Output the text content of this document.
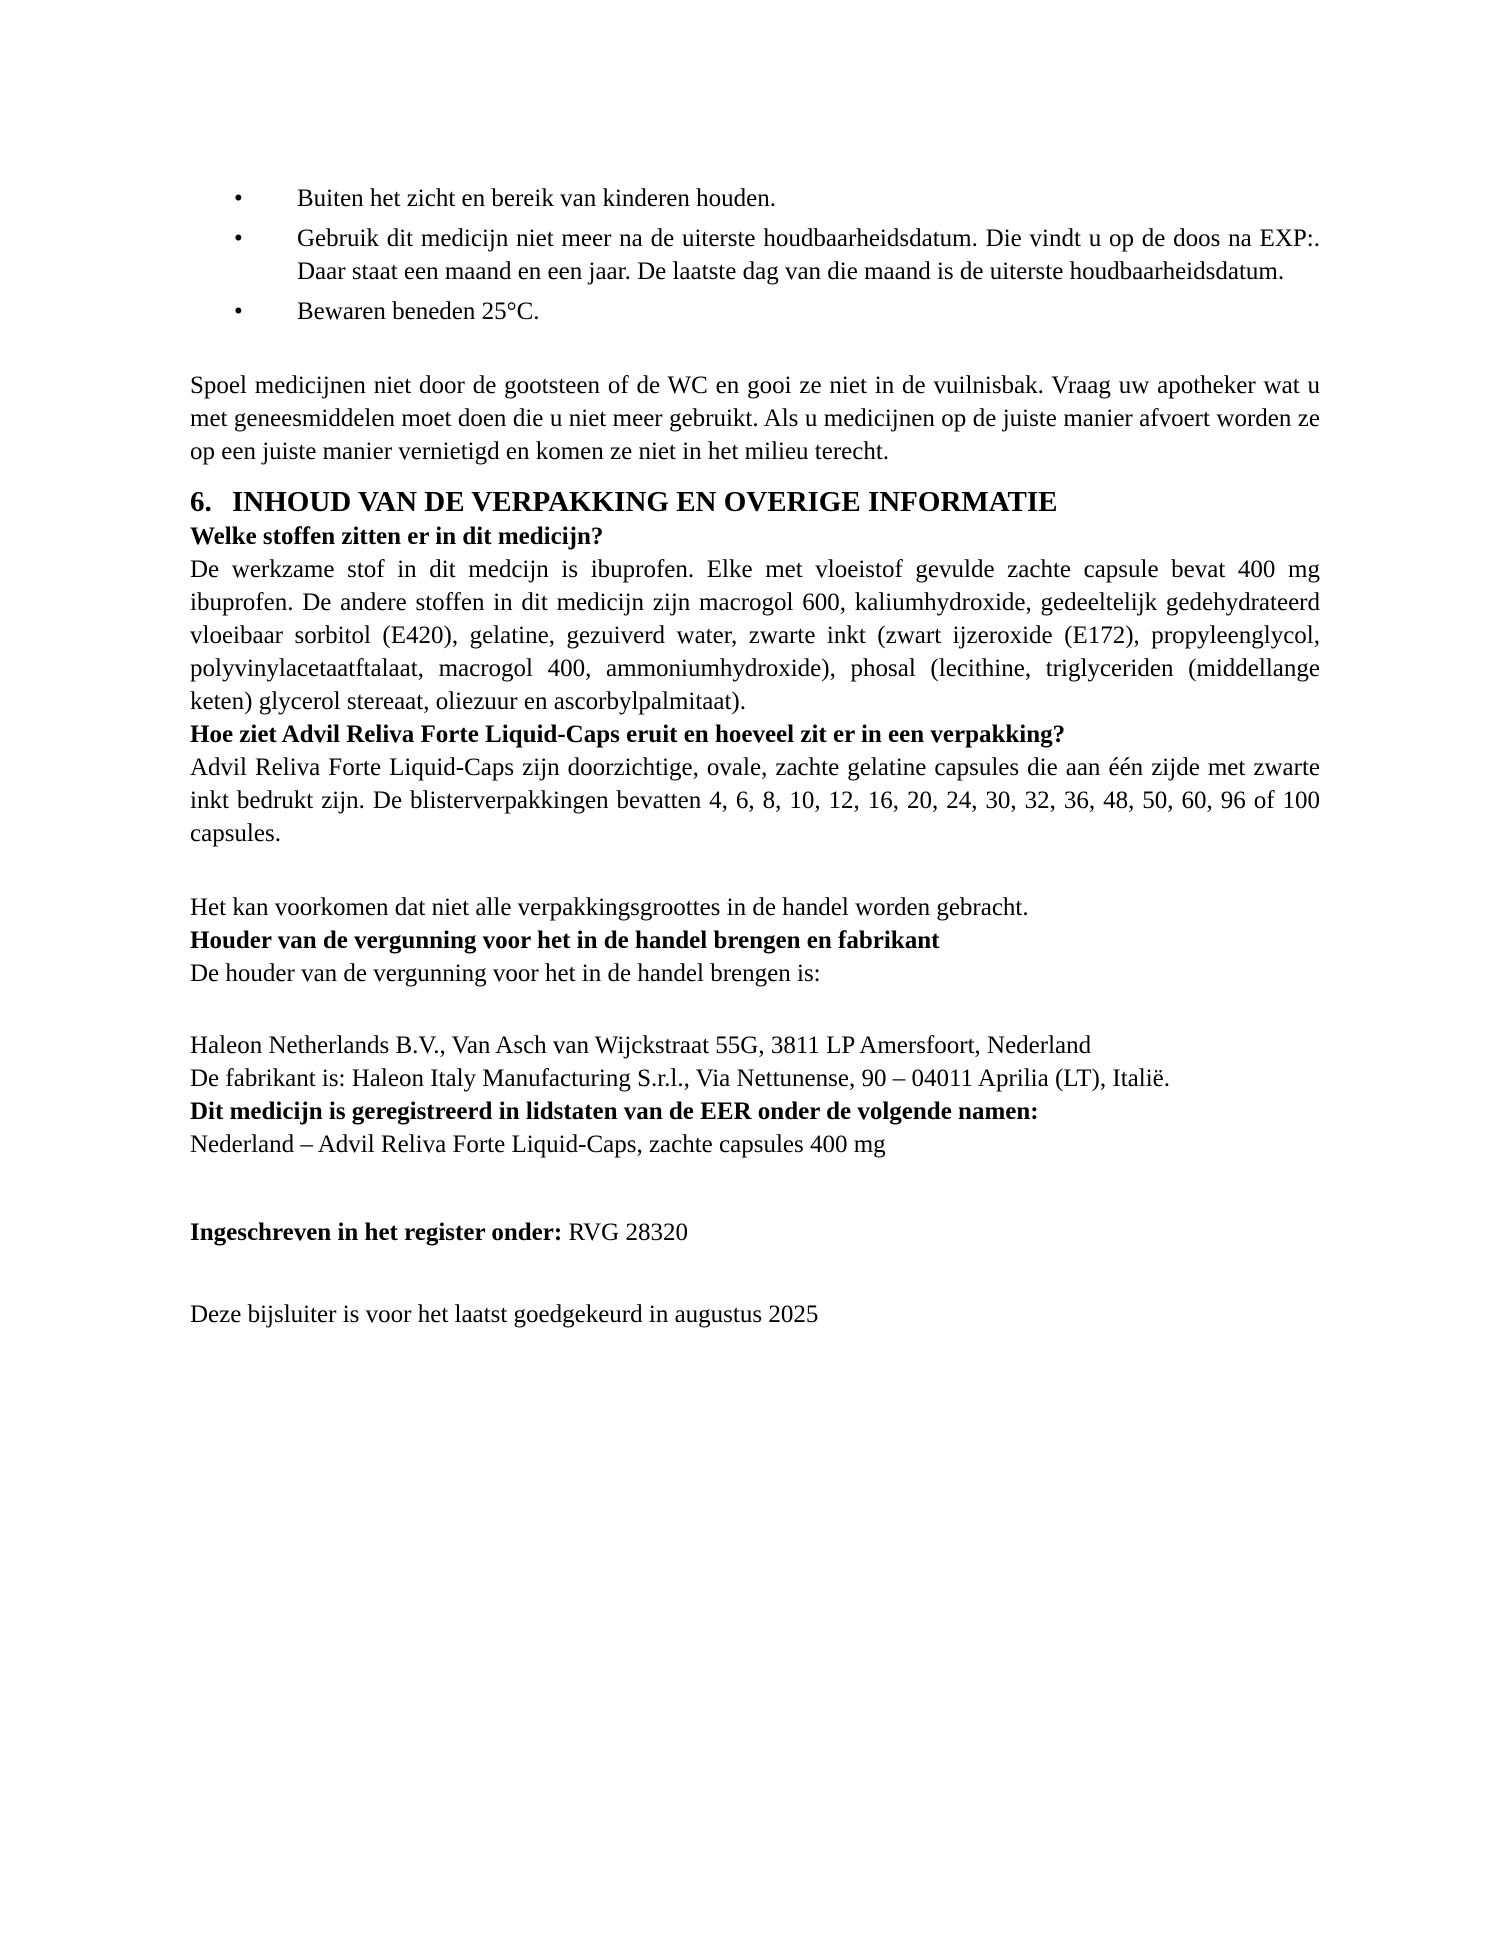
• Buiten het zicht en bereik van kinderen houden.
• Gebruik dit medicijn niet meer na de uiterste houdbaarheidsdatum. Die vindt u op de doos na EXP:. Daar staat een maand en een jaar. De laatste dag van die maand is de uiterste houdbaarheidsdatum.
• Bewaren beneden 25°C.

Spoel medicijnen niet door de gootsteen of de WC en gooi ze niet in de vuilnisbak. Vraag uw apotheker wat u met geneesmiddelen moet doen die u niet meer gebruikt. Als u medicijnen op de juiste manier afvoert worden ze op een juiste manier vernietigd en komen ze niet in het milieu terecht.

6. INHOUD VAN DE VERPAKKING EN OVERIGE INFORMATIE
Welke stoffen zitten er in dit medicijn?

De werkzame stof in dit medcijn is ibuprofen. Elke met vloeistof gevulde zachte capsule bevat 400 mg ibuprofen. De andere stoffen in dit medicijn zijn macrogol 600, kaliumhydroxide, gedeeltelijk gedehydrateerd vloeibaar sorbitol (E420), gelatine, gezuiverd water, zwarte inkt (zwart ijzeroxide (E172), propyleenglycol, polyvinylacetaatftalaat, macrogol 400, ammoniumhydroxide), phosal (lecithine, triglyceriden (middellange keten) glycerol stereaat, oliezuur en ascorbylpalmitaat).

Hoe ziet Advil Reliva Forte Liquid-Caps eruit en hoeveel zit er in een verpakking?

Advil Reliva Forte Liquid-Caps zijn doorzichtige, ovale, zachte gelatine capsules die aan één zijde met zwarte inkt bedrukt zijn. De blisterverpakkingen bevatten 4, 6, 8, 10, 12, 16, 20, 24, 30, 32, 36, 48, 50, 60, 96 of 100 capsules.

Het kan voorkomen dat niet alle verpakkingsgroottes in de handel worden gebracht.

Houder van de vergunning voor het in de handel brengen en fabrikant

De houder van de vergunning voor het in de handel brengen is:

Haleon Netherlands B.V., Van Asch van Wijckstraat 55G, 3811 LP Amersfoort, Nederland

De fabrikant is: Haleon Italy Manufacturing S.r.l., Via Nettunense, 90 – 04011 Aprilia (LT), Italië.

Dit medicijn is geregistreerd in lidstaten van de EER onder de volgende namen:

Nederland – Advil Reliva Forte Liquid-Caps, zachte capsules 400 mg

Ingeschreven in het register onder: RVG 28320

Deze bijsluiter is voor het laatst goedgekeurd in augustus 2025
